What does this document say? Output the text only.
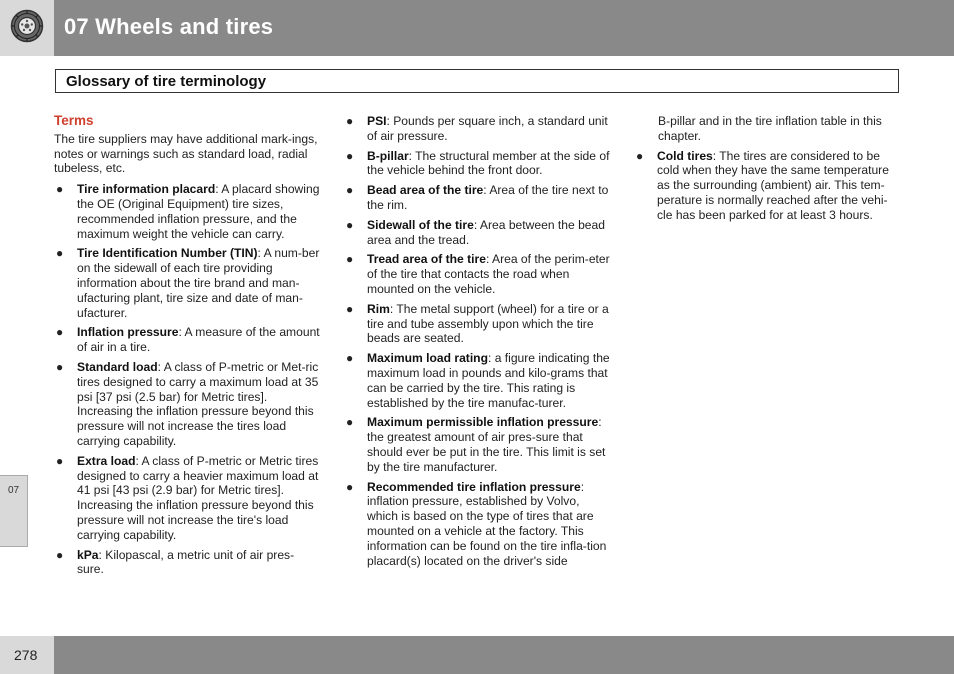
07 Wheels and tires
Glossary of tire terminology
Terms
The tire suppliers may have additional mark-ings, notes or warnings such as standard load, radial tubeless, etc.
● Tire information placard: A placard showing the OE (Original Equipment) tire sizes, recommended inflation pressure, and the maximum weight the vehicle can carry.
● Tire Identification Number (TIN): A num-ber on the sidewall of each tire providing information about the tire brand and man-ufacturing plant, tire size and date of man-ufacturer.
● Inflation pressure: A measure of the amount of air in a tire.
● Standard load: A class of P-metric or Met-ric tires designed to carry a maximum load at 35 psi [37 psi (2.5 bar) for Metric tires]. Increasing the inflation pressure beyond this pressure will not increase the tires load carrying capability.
● Extra load: A class of P-metric or Metric tires designed to carry a heavier maximum load at 41 psi [43 psi (2.9 bar) for Metric tires]. Increasing the inflation pressure beyond this pressure will not increase the tire's load carrying capability.
● kPa: Kilopascal, a metric unit of air pres-sure.
● PSI: Pounds per square inch, a standard unit of air pressure.
● B-pillar: The structural member at the side of the vehicle behind the front door.
● Bead area of the tire: Area of the tire next to the rim.
● Sidewall of the tire: Area between the bead area and the tread.
● Tread area of the tire: Area of the perim-eter of the tire that contacts the road when mounted on the vehicle.
● Rim: The metal support (wheel) for a tire or a tire and tube assembly upon which the tire beads are seated.
● Maximum load rating: a figure indicating the maximum load in pounds and kilo-grams that can be carried by the tire. This rating is established by the tire manufac-turer.
● Maximum permissible inflation pressure: the greatest amount of air pres-sure that should ever be put in the tire. This limit is set by the tire manufacturer.
● Recommended tire inflation pressure: inflation pressure, established by Volvo, which is based on the type of tires that are mounted on a vehicle at the factory. This information can be found on the tire infla-tion placard(s) located on the driver's side
B-pillar and in the tire inflation table in this chapter.
● Cold tires: The tires are considered to be cold when they have the same temperature as the surrounding (ambient) air. This tem-perature is normally reached after the vehi-cle has been parked for at least 3 hours.
07
278
